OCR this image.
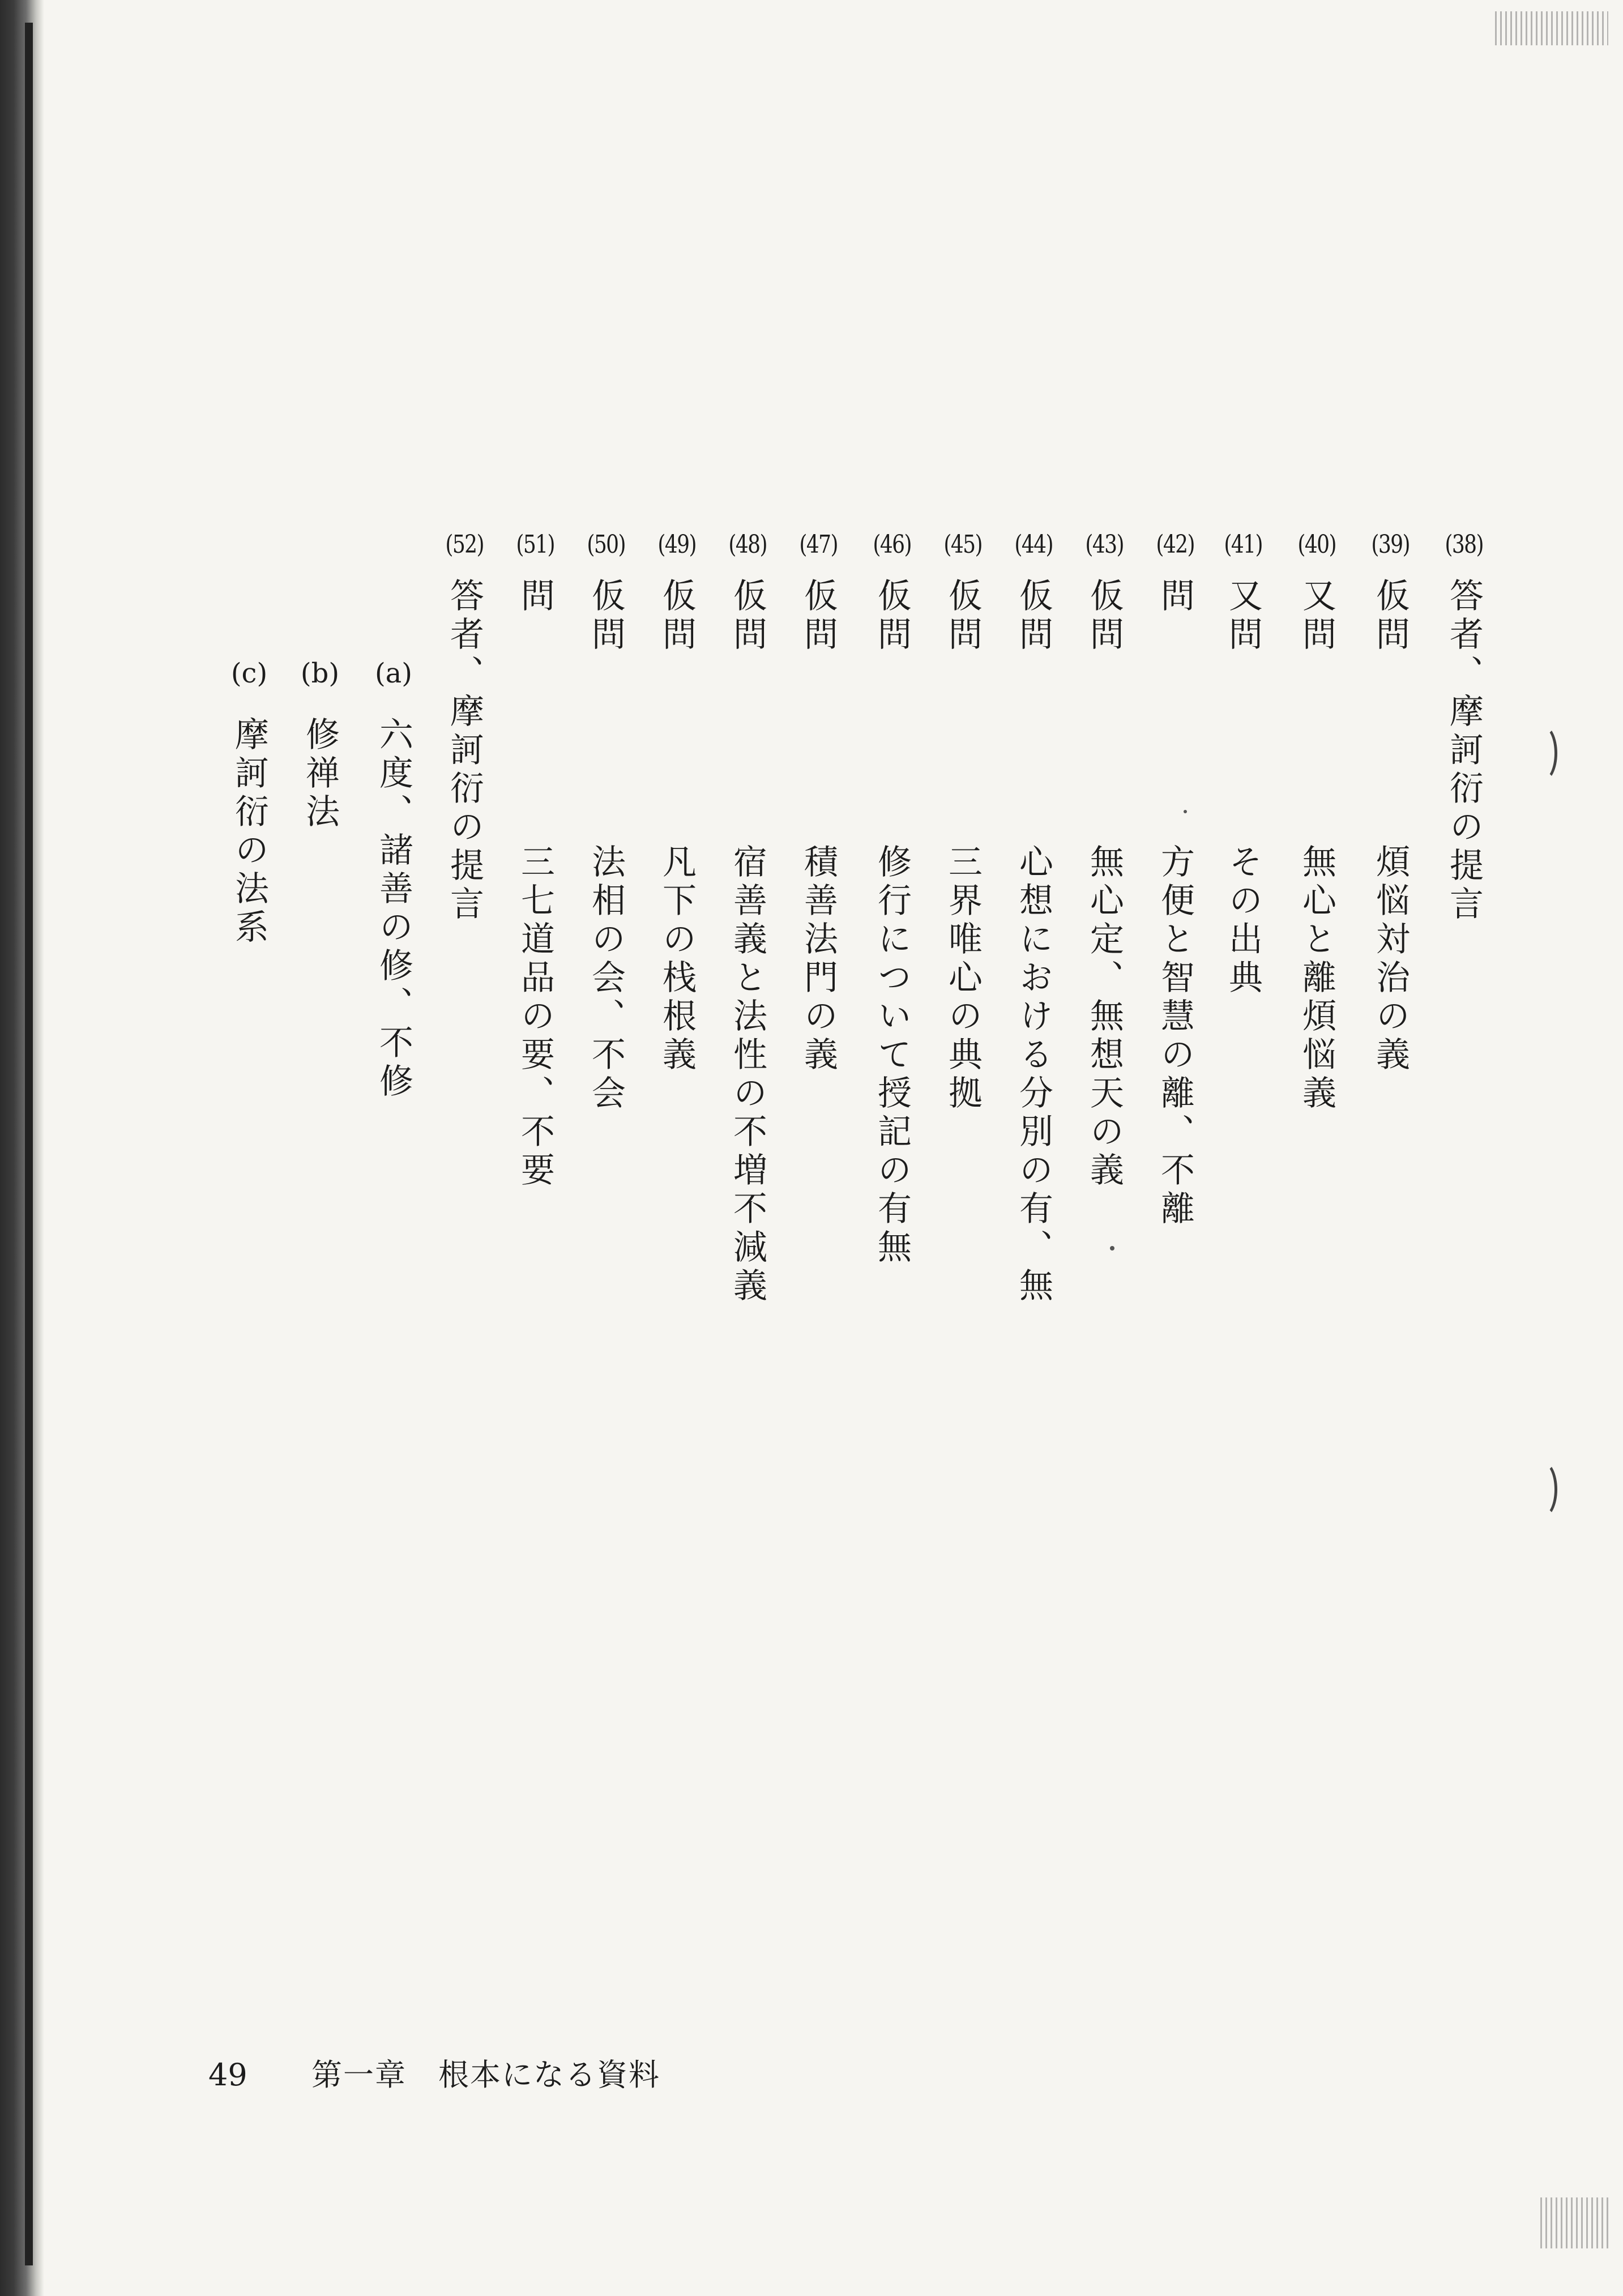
(38)
答者、摩訶衍の提言
(39)
仮問
(40)
又問
(41)
又問
(42)
問
(43)
仮問
(44)
仮問
(45)
仮問
(46)
仮問
(47)
仮問
(48)
仮問
(49)
仮問
(50)
仮問
(51)
問
(52)
答者、摩訶衍の提言
煩悩対治の義
無心と離煩悩義
その出典
方便と智慧の離、不離
無心定、無想天の義
心想における分別の有、無
三界唯心の典拠
修行について授記の有無
積善法門の義
宿善義と法性の不増不減義
凡下の栈根義
法相の会、不会
三七道品の要、不要
(a)
六度、諸善の修、不修
(b)
修禅法
(c)
摩訶衍の法系
49 第一章　根本になる資料
